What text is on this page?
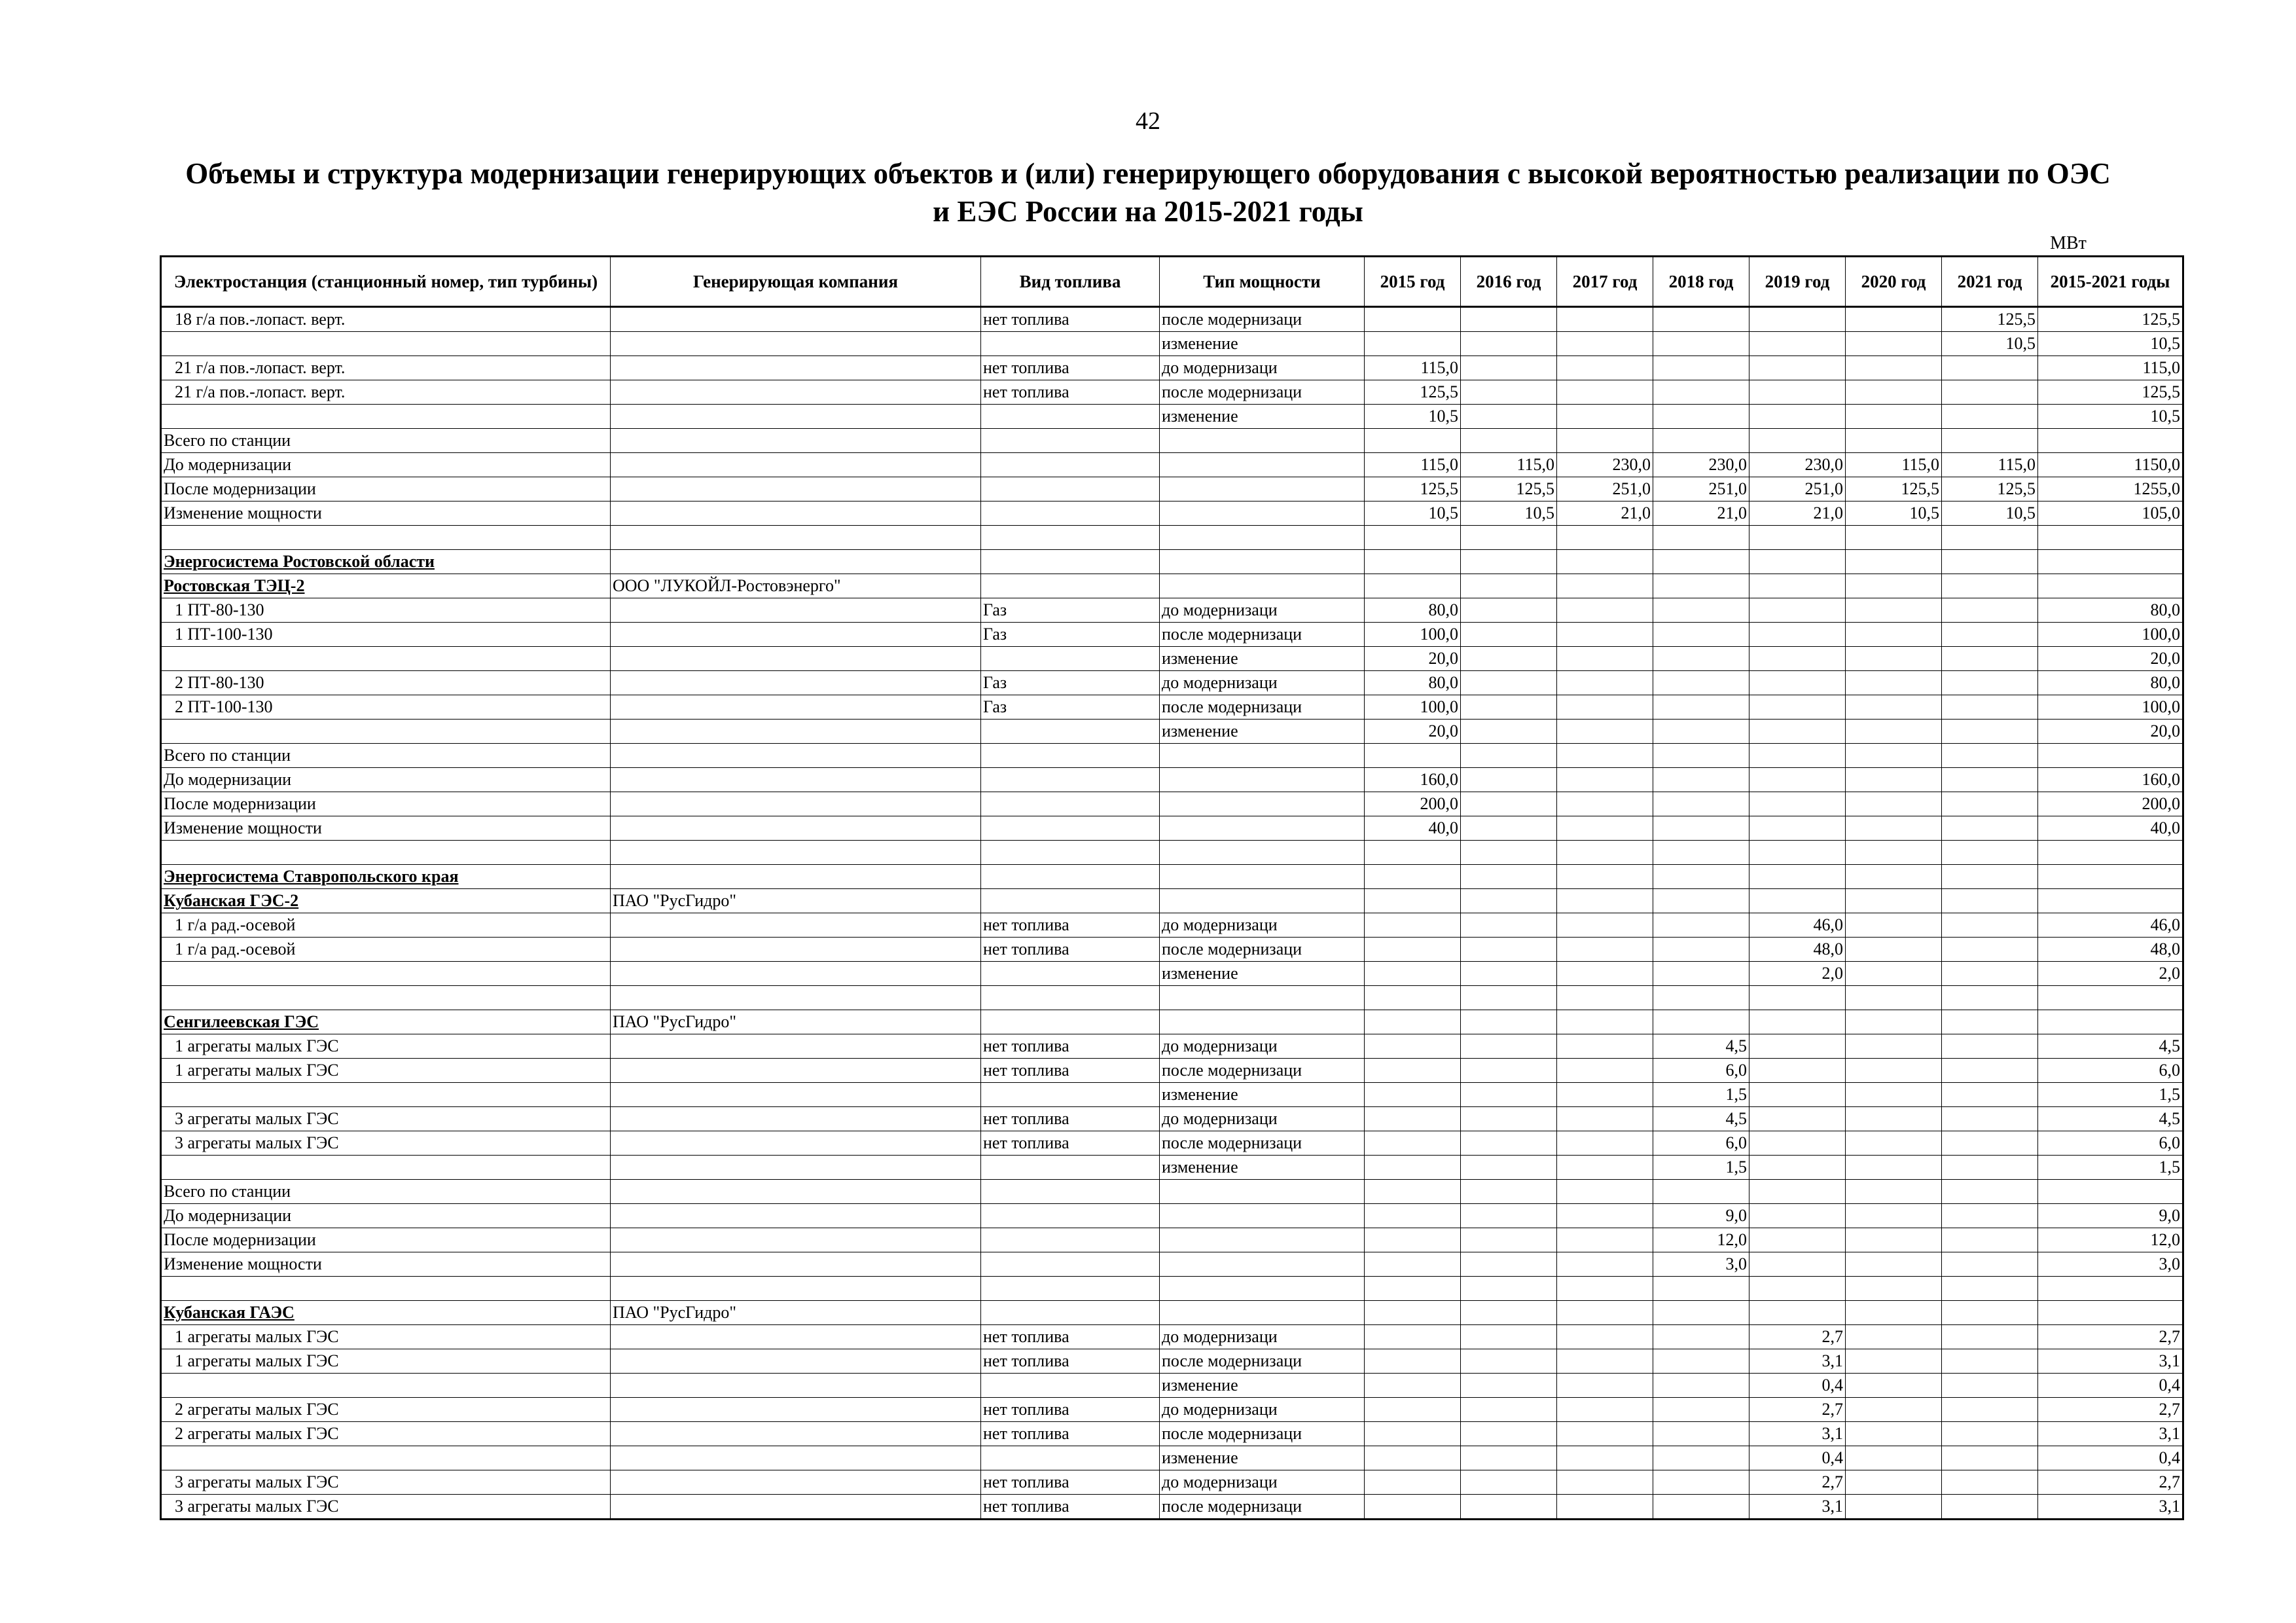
42
Объемы и структура модернизации генерирующих объектов и (или) генерирующего оборудования с высокой вероятностью реализации по ОЭС
и ЕЭС России на 2015-2021 годы
МВт
Электростанция (станционный номер, тип турбины)	Генерирующая компания	Вид топлива	Тип мощности	2015 год	2016 год	2017 год	2018 год	2019 год	2020 год	2021 год	2015-2021 годы
18 г/а пов.-лопаст. верт.		нет топлива	после модернизаци							125,5	125,5
			изменение							10,5	10,5
21 г/а пов.-лопаст. верт.		нет топлива	до модернизаци	115,0							115,0
21 г/а пов.-лопаст. верт.		нет топлива	после модернизаци	125,5							125,5
			изменение	10,5							10,5
Всего по станции											
До модернизации				115,0	115,0	230,0	230,0	230,0	115,0	115,0	1150,0
После модернизации				125,5	125,5	251,0	251,0	251,0	125,5	125,5	1255,0
Изменение мощности				10,5	10,5	21,0	21,0	21,0	10,5	10,5	105,0

Энергосистема Ростовской области											
Ростовская ТЭЦ-2	ООО "ЛУКОЙЛ-Ростовэнерго"										
1 ПТ-80-130		Газ	до модернизаци	80,0							80,0
1 ПТ-100-130		Газ	после модернизаци	100,0							100,0
			изменение	20,0							20,0
2 ПТ-80-130		Газ	до модернизаци	80,0							80,0
2 ПТ-100-130		Газ	после модернизаци	100,0							100,0
			изменение	20,0							20,0
Всего по станции											
До модернизации				160,0							160,0
После модернизации				200,0							200,0
Изменение мощности				40,0							40,0

Энергосистема Ставропольского края											
Кубанская ГЭС-2	ПАО "РусГидро"										
1 г/а рад.-осевой		нет топлива	до модернизаци					46,0			46,0
1 г/а рад.-осевой		нет топлива	после модернизаци					48,0			48,0
			изменение					2,0			2,0

Сенгилеевская ГЭС	ПАО "РусГидро"										
1 агрегаты малых ГЭС		нет топлива	до модернизаци				4,5				4,5
1 агрегаты малых ГЭС		нет топлива	после модернизаци				6,0				6,0
			изменение				1,5				1,5
3 агрегаты малых ГЭС		нет топлива	до модернизаци				4,5				4,5
3 агрегаты малых ГЭС		нет топлива	после модернизаци				6,0				6,0
			изменение				1,5				1,5
Всего по станции											
До модернизации							9,0				9,0
После модернизации							12,0				12,0
Изменение мощности							3,0				3,0

Кубанская ГАЭС	ПАО "РусГидро"										
1 агрегаты малых ГЭС		нет топлива	до модернизаци					2,7			2,7
1 агрегаты малых ГЭС		нет топлива	после модернизаци					3,1			3,1
			изменение					0,4			0,4
2 агрегаты малых ГЭС		нет топлива	до модернизаци					2,7			2,7
2 агрегаты малых ГЭС		нет топлива	после модернизаци					3,1			3,1
			изменение					0,4			0,4
3 агрегаты малых ГЭС		нет топлива	до модернизаци					2,7			2,7
3 агрегаты малых ГЭС		нет топлива	после модернизаци					3,1			3,1
